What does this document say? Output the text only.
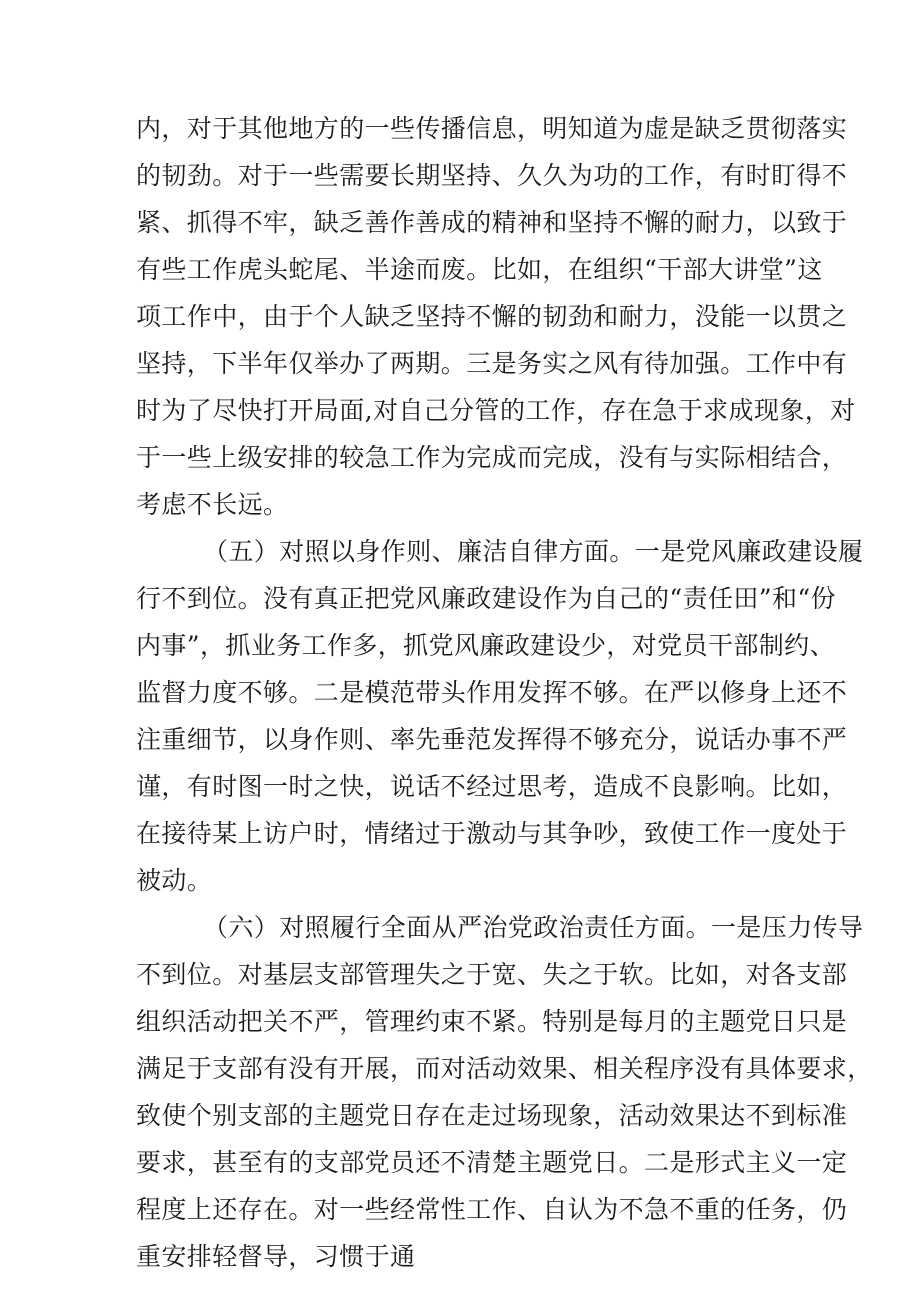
内，对于其他地方的一些传播信息，明知道为虚是缺乏贯彻落实
的韧劲。对于一些需要长期坚持、久久为功的工作，有时盯得不
紧、抓得不牢，缺乏善作善成的精神和坚持不懈的耐力，以致于
有些工作虎头蛇尾、半途而废。比如，在组织“干部大讲堂”这
项工作中，由于个人缺乏坚持不懈的韧劲和耐力，没能一以贯之
坚持，下半年仅举办了两期。三是务实之风有待加强。工作中有
时为了尽快打开局面,对自己分管的工作，存在急于求成现象，对
于一些上级安排的较急工作为完成而完成，没有与实际相结合，
考虑不长远。
（五）对照以身作则、廉洁自律方面。一是党风廉政建设履
行不到位。没有真正把党风廉政建设作为自己的“责任田”和“份
内事”，抓业务工作多，抓党风廉政建设少，对党员干部制约、
监督力度不够。二是模范带头作用发挥不够。在严以修身上还不
注重细节，以身作则、率先垂范发挥得不够充分，说话办事不严
谨，有时图一时之快，说话不经过思考，造成不良影响。比如，
在接待某上访户时，情绪过于激动与其争吵，致使工作一度处于
被动。
（六）对照履行全面从严治党政治责任方面。一是压力传导
不到位。对基层支部管理失之于宽、失之于软。比如，对各支部
组织活动把关不严，管理约束不紧。特别是每月的主题党日只是
满足于支部有没有开展，而对活动效果、相关程序没有具体要求，
致使个别支部的主题党日存在走过场现象，活动效果达不到标准
要求，甚至有的支部党员还不清楚主题党日。二是形式主义一定
程度上还存在。对一些经常性工作、自认为不急不重的任务，仍
重安排轻督导，习惯于通
